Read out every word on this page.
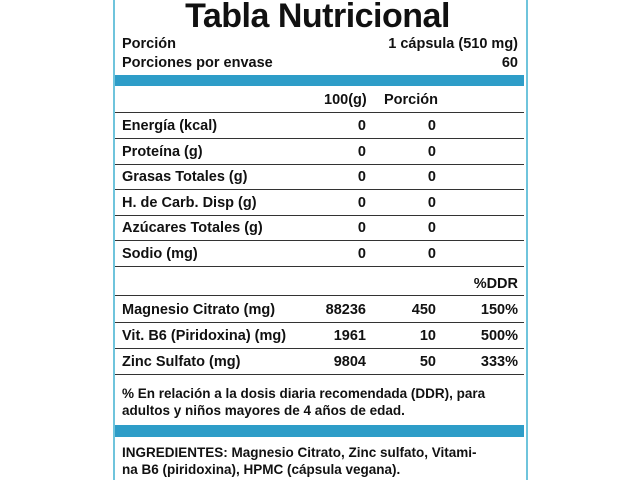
Tabla Nutricional
Porción	1 cápsula (510 mg)
Porciones por envase	60
100(g) Porción
Energía (kcal)	0	0
Proteína (g)	0	0
Grasas Totales (g)	0	0
H. de Carb. Disp (g)	0	0
Azúcares Totales (g)	0	0
Sodio (mg)	0	0
%DDR
Magnesio Citrato (mg)	88236	450	150%
Vit. B6 (Piridoxina) (mg)	1961	10	500%
Zinc Sulfato (mg)	9804	50	333%
% En relación a la dosis diaria recomendada (DDR), para
adultos y niños mayores de 4 años de edad.
INGREDIENTES: Magnesio Citrato, Zinc sulfato, Vitami-
na B6 (piridoxina), HPMC (cápsula vegana).
